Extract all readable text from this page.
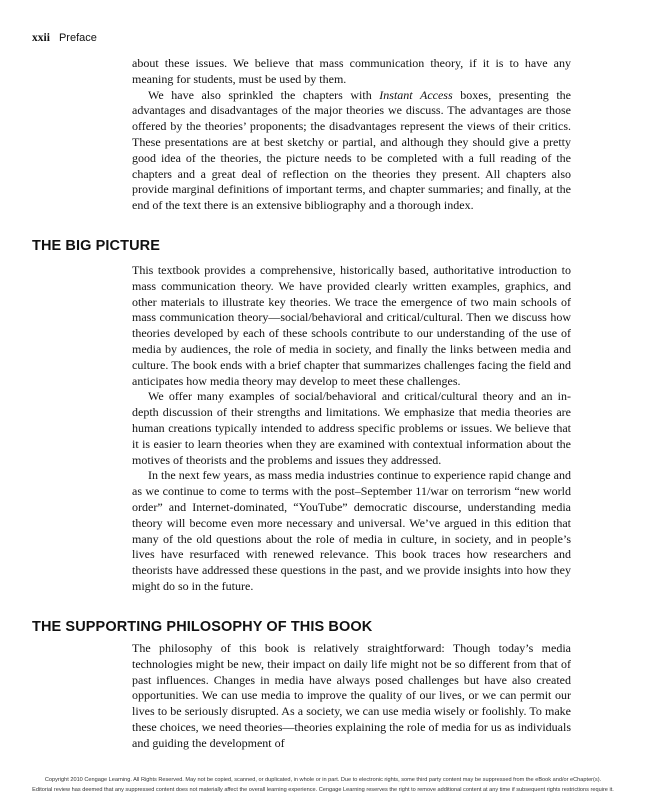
xxii Preface

about these issues. We believe that mass communication theory, if it is to have any meaning for students, must be used by them.

We have also sprinkled the chapters with Instant Access boxes, presenting the advantages and disadvantages of the major theories we discuss. The advantages are those offered by the theories’ proponents; the disadvantages represent the views of their critics. These presentations are at best sketchy or partial, and although they should give a pretty good idea of the theories, the picture needs to be completed with a full reading of the chapters and a great deal of reflection on the theories they present. All chapters also provide marginal definitions of important terms, and chapter summaries; and finally, at the end of the text there is an extensive bibliography and a thorough index.

THE BIG PICTURE

This textbook provides a comprehensive, historically based, authoritative introduction to mass communication theory. We have provided clearly written examples, graphics, and other materials to illustrate key theories. We trace the emergence of two main schools of mass communication theory—social/behavioral and critical/cultural. Then we discuss how theories developed by each of these schools contribute to our understanding of the use of media by audiences, the role of media in society, and finally the links between media and culture. The book ends with a brief chapter that summarizes challenges facing the field and anticipates how media theory may develop to meet these challenges.

We offer many examples of social/behavioral and critical/cultural theory and an in-depth discussion of their strengths and limitations. We emphasize that media theories are human creations typically intended to address specific problems or issues. We believe that it is easier to learn theories when they are examined with contextual information about the motives of theorists and the problems and issues they addressed.

In the next few years, as mass media industries continue to experience rapid change and as we continue to come to terms with the post–September 11/war on terrorism “new world order” and Internet-dominated, “YouTube” democratic discourse, understanding media theory will become even more necessary and universal. We’ve argued in this edition that many of the old questions about the role of media in culture, in society, and in people’s lives have resurfaced with renewed relevance. This book traces how researchers and theorists have addressed these questions in the past, and we provide insights into how they might do so in the future.

THE SUPPORTING PHILOSOPHY OF THIS BOOK

The philosophy of this book is relatively straightforward: Though today’s media technologies might be new, their impact on daily life might not be so different from that of past influences. Changes in media have always posed challenges but have also created opportunities. We can use media to improve the quality of our lives, or we can permit our lives to be seriously disrupted. As a society, we can use media wisely or foolishly. To make these choices, we need theories—theories explaining the role of media for us as individuals and guiding the development of

Copyright 2010 Cengage Learning. All Rights Reserved. May not be copied, scanned, or duplicated, in whole or in part. Due to electronic rights, some third party content may be suppressed from the eBook and/or eChapter(s).
Editorial review has deemed that any suppressed content does not materially affect the overall learning experience. Cengage Learning reserves the right to remove additional content at any time if subsequent rights restrictions require it.
